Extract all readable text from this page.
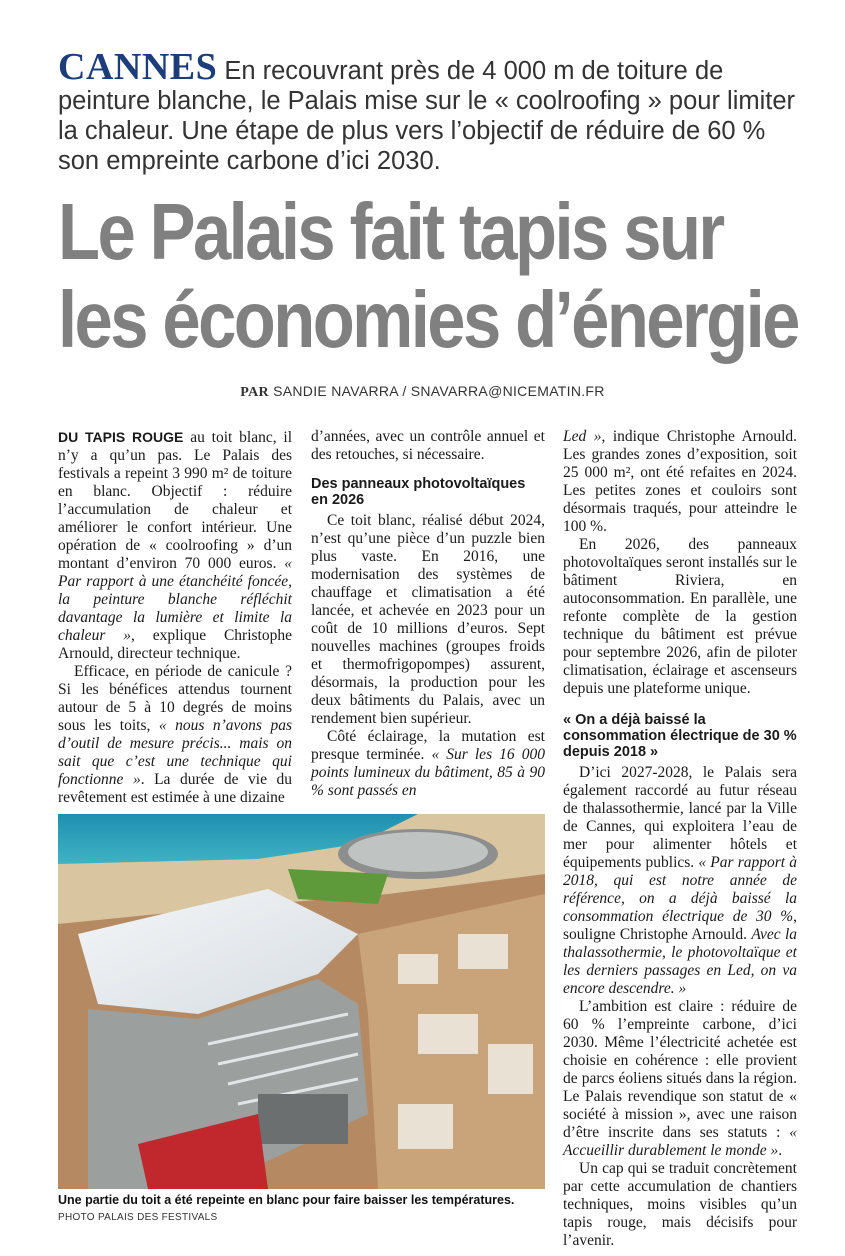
CANNES En recouvrant près de 4 000 m de toiture de peinture blanche, le Palais mise sur le « coolroofing » pour limiter la chaleur. Une étape de plus vers l’objectif de réduire de 60 % son empreinte carbone d’ici 2030.
Le Palais fait tapis sur
les économies d’énergie
PAR SANDIE NAVARRA / SNAVARRA@NICEMATIN.FR

DU TAPIS ROUGE au toit blanc, il n’y a qu’un pas. Le Palais des festivals a repeint 3 990 m² de toiture en blanc. Objectif : réduire l’accumulation de chaleur et améliorer le confort intérieur. Une opération de « coolroofing » d’un montant d’environ 70 000 euros. « Par rapport à une étanchéité foncée, la peinture blanche réfléchit davantage la lumière et limite la chaleur », explique Christophe Arnould, directeur technique.

Efficace, en période de canicule ? Si les bénéfices attendus tournent autour de 5 à 10 degrés de moins sous les toits, « nous n’avons pas d’outil de mesure précis... mais on sait que c’est une technique qui fonctionne ». La durée de vie du revêtement est estimée à une dizaine

d’années, avec un contrôle annuel et des retouches, si nécessaire.

Des panneaux photovoltaïques en 2026

Ce toit blanc, réalisé début 2024, n’est qu’une pièce d’un puzzle bien plus vaste. En 2016, une modernisation des systèmes de chauffage et climatisation a été lancée, et achevée en 2023 pour un coût de 10 millions d’euros. Sept nouvelles machines (groupes froids et thermofrigopompes) assurent, désormais, la production pour les deux bâtiments du Palais, avec un rendement bien supérieur.

Côté éclairage, la mutation est presque terminée. « Sur les 16 000 points lumineux du bâtiment, 85 à 90 % sont passés en

Led », indique Christophe Arnould. Les grandes zones d’exposition, soit 25 000 m², ont été refaites en 2024. Les petites zones et couloirs sont désormais traqués, pour atteindre le 100 %.

En 2026, des panneaux photovoltaïques seront installés sur le bâtiment Riviera, en autoconsommation. En parallèle, une refonte complète de la gestion technique du bâtiment est prévue pour septembre 2026, afin de piloter climatisation, éclairage et ascenseurs depuis une plateforme unique.

« On a déjà baissé la consommation électrique de 30 % depuis 2018 »

D’ici 2027-2028, le Palais sera également raccordé au futur réseau de thalassothermie, lancé par la Ville de Cannes, qui exploitera l’eau de mer pour alimenter hôtels et équipements publics. « Par rapport à 2018, qui est notre année de référence, on a déjà baissé la consommation électrique de 30 %, souligne Christophe Arnould. Avec la thalassothermie, le photovoltaïque et les derniers passages en Led, on va encore descendre. »

L’ambition est claire : réduire de 60 % l’empreinte carbone, d’ici 2030. Même l’électricité achetée est choisie en cohérence : elle provient de parcs éoliens situés dans la région. Le Palais revendique son statut de « société à mission », avec une raison d’être inscrite dans ses statuts : « Accueillir durablement le monde ».

Un cap qui se traduit concrètement par cette accumulation de chantiers techniques, moins visibles qu’un tapis rouge, mais décisifs pour l’avenir.

Une partie du toit a été repeinte en blanc pour faire baisser les températures.
PHOTO PALAIS DES FESTIVALS
